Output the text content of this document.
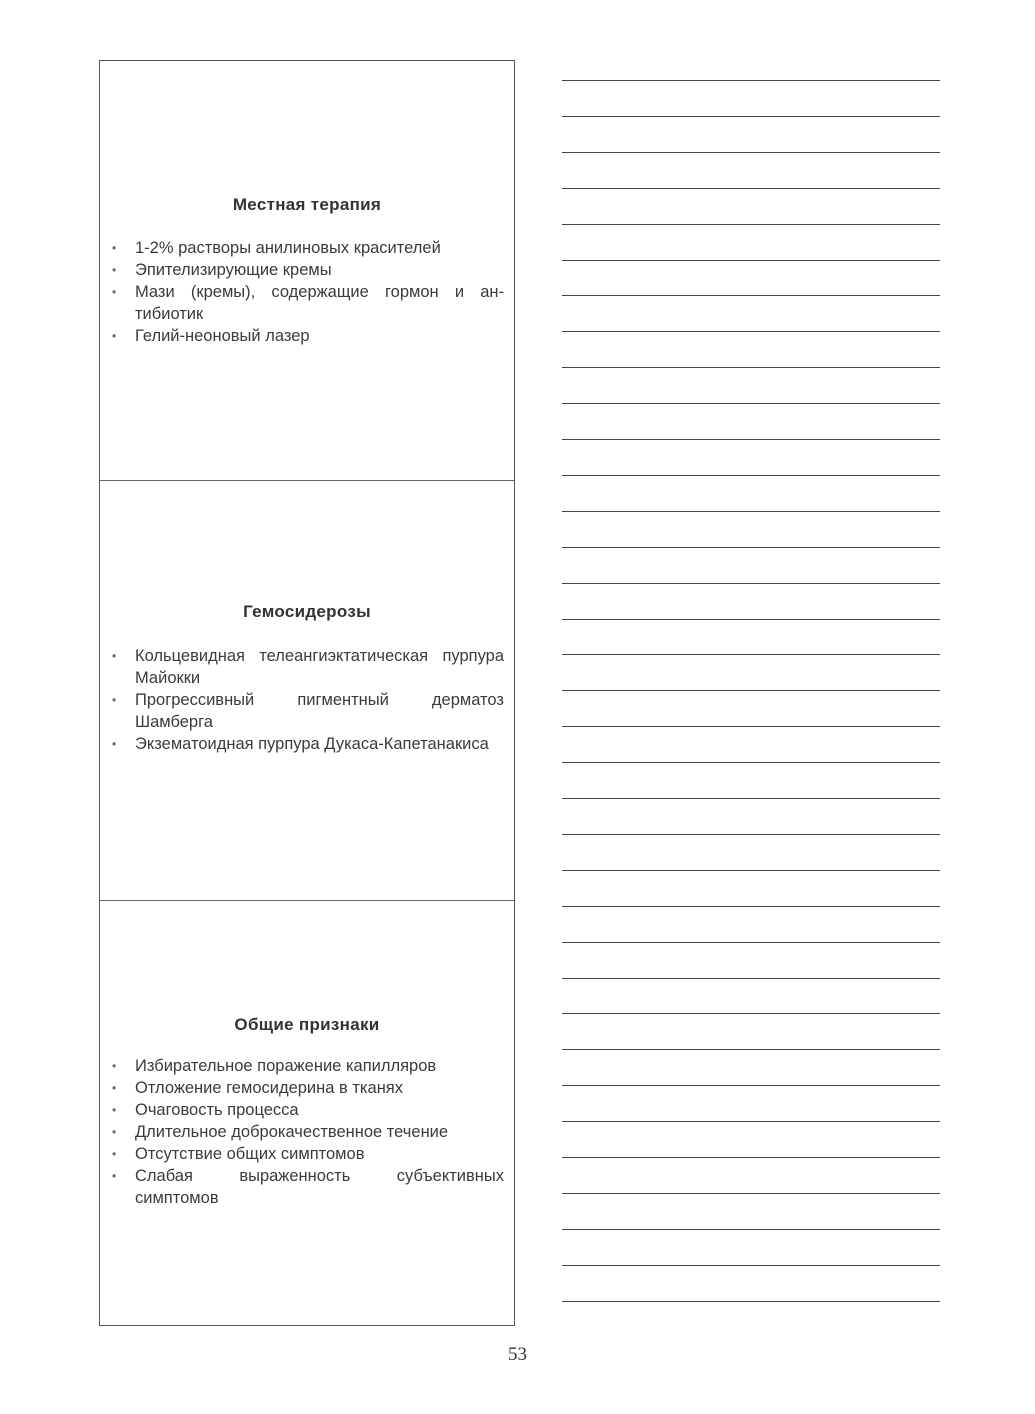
Местная терапия
• 1-2% растворы анилиновых красителей
• Эпителизирующие кремы
• Мази (кремы), содержащие гормон и ан-тибиотик
• Гелий-неоновый лазер
Гемосидерозы
• Кольцевидная телеангиэктатическая пурпура Майокки
• Прогрессивный пигментный дерматоз Шамберга
• Экзематоидная пурпура Дукаса-Капетанакиса
Общие признаки
• Избирательное поражение капилляров
• Отложение гемосидерина в тканях
• Очаговость процесса
• Длительное доброкачественное течение
• Отсутствие общих симптомов
• Слабая выраженность субъективных симптомов
53
